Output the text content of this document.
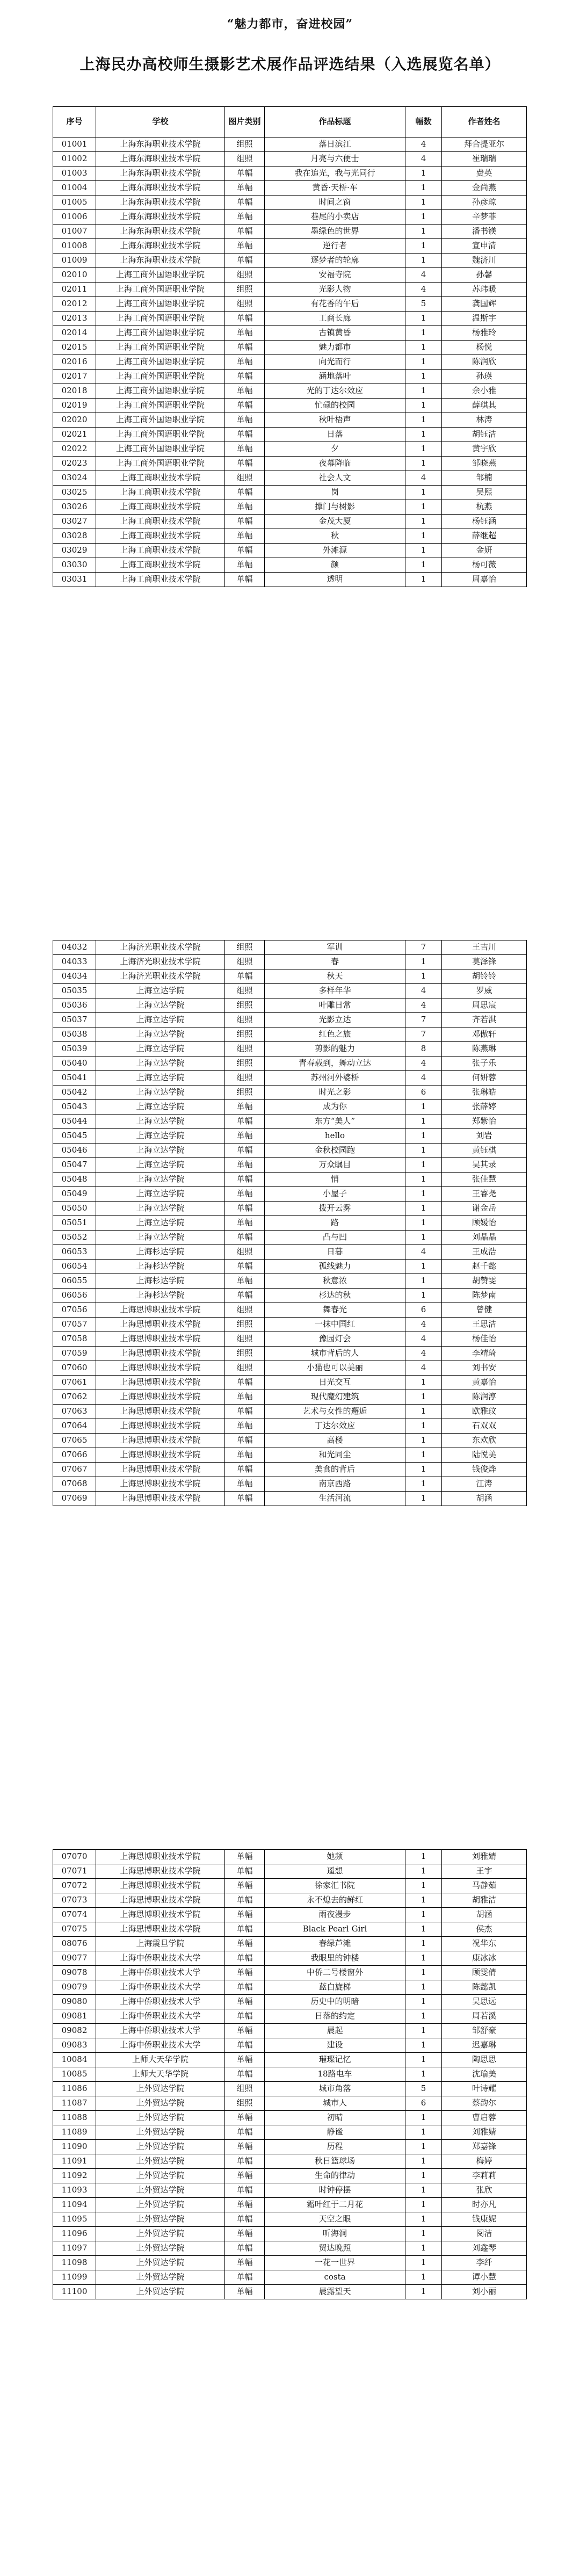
“魅力都市，奋进校园”
上海民办高校师生摄影艺术展作品评选结果（入选展览名单）
序号	学校	图片类别	作品标题	幅数	作者姓名
01001	上海东海职业技术学院	组照	落日滨江	4	拜合提亚尔
01002	上海东海职业技术学院	组照	月亮与六便士	4	崔瑞瑞
01003	上海东海职业技术学院	单幅	我在追光，我与光同行	1	费英
01004	上海东海职业技术学院	单幅	黄昏·天桥·车	1	金尚燕
01005	上海东海职业技术学院	单幅	时间之窗	1	孙彦琼
01006	上海东海职业技术学院	单幅	巷尾的小卖店	1	辛梦菲
01007	上海东海职业技术学院	单幅	墨绿色的世界	1	潘书镁
01008	上海东海职业技术学院	单幅	逆行者	1	宣申清
01009	上海东海职业技术学院	单幅	逐梦者的轮廓	1	魏济川
02010	上海工商外国语职业学院	组照	安福寺院	4	孙馨
02011	上海工商外国语职业学院	组照	光影人物	4	苏玮暖
02012	上海工商外国语职业学院	组照	有花香的午后	5	龚国辉
02013	上海工商外国语职业学院	单幅	工商长廊	1	温斯宇
02014	上海工商外国语职业学院	单幅	古镇黄昏	1	杨雅玲
02015	上海工商外国语职业学院	单幅	魅力都市	1	杨悦
02016	上海工商外国语职业学院	单幅	向光而行	1	陈润欣
02017	上海工商外国语职业学院	单幅	涵地落叶	1	孙瑛
02018	上海工商外国语职业学院	单幅	光的丁达尔效应	1	余小雅
02019	上海工商外国语职业学院	单幅	忙碌的校园	1	薛琪其
02020	上海工商外国语职业学院	单幅	秋叶梧声	1	林涛
02021	上海工商外国语职业学院	单幅	日落	1	胡钰洁
02022	上海工商外国语职业学院	单幅	夕	1	黄宇欣
02023	上海工商外国语职业学院	单幅	夜幕降临	1	邹晓燕
03024	上海工商职业技术学院	组照	社会人文	4	邹楠
03025	上海工商职业技术学院	单幅	岗	1	吴熙
03026	上海工商职业技术学院	单幅	撑门与树影	1	杭燕
03027	上海工商职业技术学院	单幅	金茂大厦	1	杨钰涵
03028	上海工商职业技术学院	单幅	秋	1	薛继超
03029	上海工商职业技术学院	单幅	外滩源	1	金妍
03030	上海工商职业技术学院	单幅	颜	1	杨可薇
03031	上海工商职业技术学院	单幅	透明	1	周嘉怡
04032	上海济光职业技术学院	组照	军训	7	王吉川
04033	上海济光职业技术学院	组照	春	1	莫泽锋
04034	上海济光职业技术学院	单幅	秋天	1	胡铃铃
05035	上海立达学院	组照	多样年华	4	罗威
05036	上海立达学院	组照	叶雕日常	4	周思宸
05037	上海立达学院	组照	光影立达	7	齐若淇
05038	上海立达学院	组照	红色之旅	7	邓傲轩
05039	上海立达学院	组照	剪影的魅力	8	陈燕琳
05040	上海立达学院	组照	青春载到，舞动立达	4	张子乐
05041	上海立达学院	组照	苏州河外婆桥	4	何妍蓉
05042	上海立达学院	组照	时光之影	6	张琳皓
05043	上海立达学院	单幅	成为你	1	张薛婷
05044	上海立达学院	单幅	东方“美人”	1	郑紫怡
05045	上海立达学院	单幅	hello	1	刘岩
05046	上海立达学院	单幅	金秋校园跑	1	黄钰棋
05047	上海立达学院	单幅	万众瞩目	1	吴其录
05048	上海立达学院	单幅	悄	1	张佳慧
05049	上海立达学院	单幅	小屋子	1	王睿尧
05050	上海立达学院	单幅	拨开云雾	1	谢金岳
05051	上海立达学院	单幅	路	1	顾媛怡
05052	上海立达学院	单幅	凸与凹	1	刘晶晶
06053	上海杉达学院	组照	日暮	4	王成浩
06054	上海杉达学院	单幅	孤线魅力	1	赵千懿
06055	上海杉达学院	单幅	秋意浓	1	胡赞雯
06056	上海杉达学院	单幅	杉达的秋	1	陈梦南
07056	上海思博职业技术学院	组照	舞春光	6	曾健
07057	上海思博职业技术学院	组照	一抹中国红	4	王思洁
07058	上海思博职业技术学院	组照	豫园灯会	4	杨佳怡
07059	上海思博职业技术学院	组照	城市背后的人	4	李靖琦
07060	上海思博职业技术学院	组照	小猫也可以美丽	4	刘书安
07061	上海思博职业技术学院	单幅	日光交互	1	黄嘉怡
07062	上海思博职业技术学院	单幅	现代魔幻建筑	1	陈润淳
07063	上海思博职业技术学院	单幅	艺术与女性的邂逅	1	欧雅玟
07064	上海思博职业技术学院	单幅	丁达尔效应	1	石双双
07065	上海思博职业技术学院	单幅	高楼	1	东欢欣
07066	上海思博职业技术学院	单幅	和光同尘	1	陆悦美
07067	上海思博职业技术学院	单幅	美食的背后	1	钱俊烨
07068	上海思博职业技术学院	单幅	南京西路	1	江涛
07069	上海思博职业技术学院	单幅	生活河流	1	胡涵
07070	上海思博职业技术学院	单幅	她频	1	刘雅婧
07071	上海思博职业技术学院	单幅	遥想	1	王宇
07072	上海思博职业技术学院	单幅	徐家汇书院	1	马静茹
07073	上海思博职业技术学院	单幅	永不熄去的鲜红	1	胡雅洁
07074	上海思博职业技术学院	单幅	雨夜漫步	1	胡涵
07075	上海思博职业技术学院	单幅	Black Pearl Girl	1	侯杰
08076	上海震旦学院	单幅	春绿芦滩	1	祝华东
09077	上海中侨职业技术大学	单幅	我眼里的钟楼	1	康冰冰
09078	上海中侨职业技术大学	单幅	中侨二号楼窗外	1	顾雯倩
09079	上海中侨职业技术大学	单幅	蓝白旋梯	1	陈懿凯
09080	上海中侨职业技术大学	单幅	历史中的明暗	1	吴思远
09081	上海中侨职业技术大学	单幅	日落的约定	1	周若溪
09082	上海中侨职业技术大学	单幅	晨起	1	邹舒豪
09083	上海中侨职业技术大学	单幅	建设	1	迟嘉琳
10084	上师大天华学院	单幅	璀璨记忆	1	陶思思
10085	上师大天华学院	单幅	18路电车	1	沈瑜美
11086	上外贸达学院	组照	城市角落	5	叶诗耀
11087	上外贸达学院	组照	城市人	6	蔡韵尔
11088	上外贸达学院	单幅	初晴	1	曹启蓉
11089	上外贸达学院	单幅	静谧	1	刘雅婧
11090	上外贸达学院	单幅	历程	1	郑嘉锋
11091	上外贸达学院	单幅	秋日篮球场	1	梅婷
11092	上外贸达学院	单幅	生命的律动	1	李莉莉
11093	上外贸达学院	单幅	时钟停摆	1	张欣
11094	上外贸达学院	单幅	霜叶红于二月花	1	时亦凡
11095	上外贸达学院	单幅	天空之眼	1	钱康妮
11096	上外贸达学院	单幅	听海洞	1	阅洁
11097	上外贸达学院	单幅	贸达晚照	1	刘鑫琴
11098	上外贸达学院	单幅	一花一世界	1	李纤
11099	上外贸达学院	单幅	costa	1	谭小慧
11100	上外贸达学院	单幅	晨露望天	1	刘小丽
